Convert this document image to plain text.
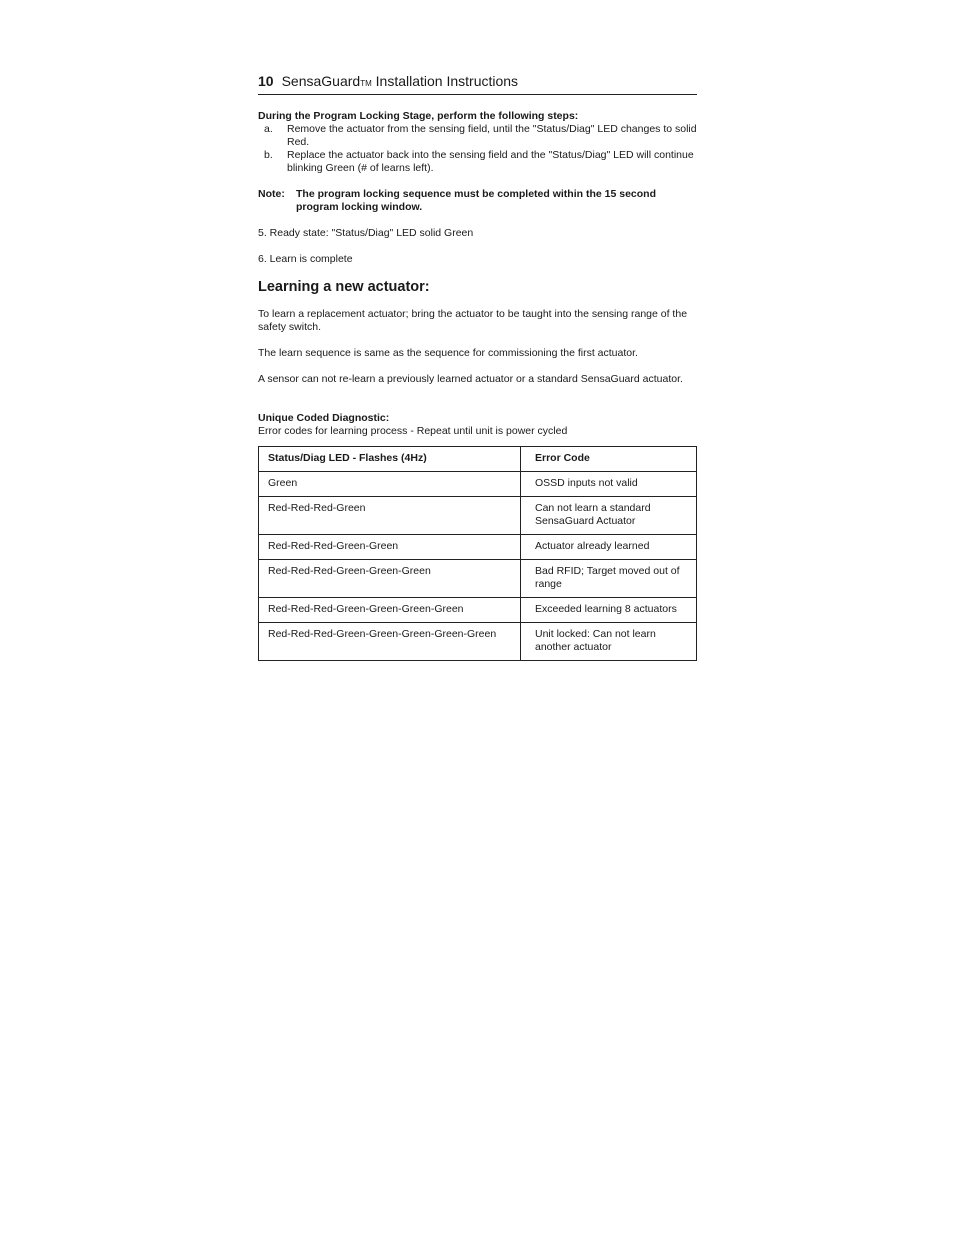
10 SensaGuard TM Installation Instructions
During the Program Locking Stage, perform the following steps:
a.	Remove the actuator from the sensing field, until the "Status/Diag" LED changes to solid Red.
b.	Replace the actuator back into the sensing field and the "Status/Diag" LED will continue blinking Green (# of learns left).
Note:	The program locking sequence must be completed within the 15 second program locking window.
5. Ready state: "Status/Diag" LED solid Green
6. Learn is complete
Learning a new actuator:
To learn a replacement actuator; bring the actuator to be taught into the sensing range of the safety switch.
The learn sequence is same as the sequence for commissioning the first actuator.
A sensor can not re-learn a previously learned actuator or a standard SensaGuard actuator.
Unique Coded Diagnostic:
Error codes for learning process - Repeat until unit is power cycled
Status/Diag LED - Flashes (4Hz)	Error Code
Green	OSSD inputs not valid
Red-Red-Red-Green	Can not learn a standard SensaGuard Actuator
Red-Red-Red-Green-Green	Actuator already learned
Red-Red-Red-Green-Green-Green	Bad RFID; Target moved out of range
Red-Red-Red-Green-Green-Green-Green	Exceeded learning 8 actuators
Red-Red-Red-Green-Green-Green-Green-Green	Unit locked: Can not learn another actuator
